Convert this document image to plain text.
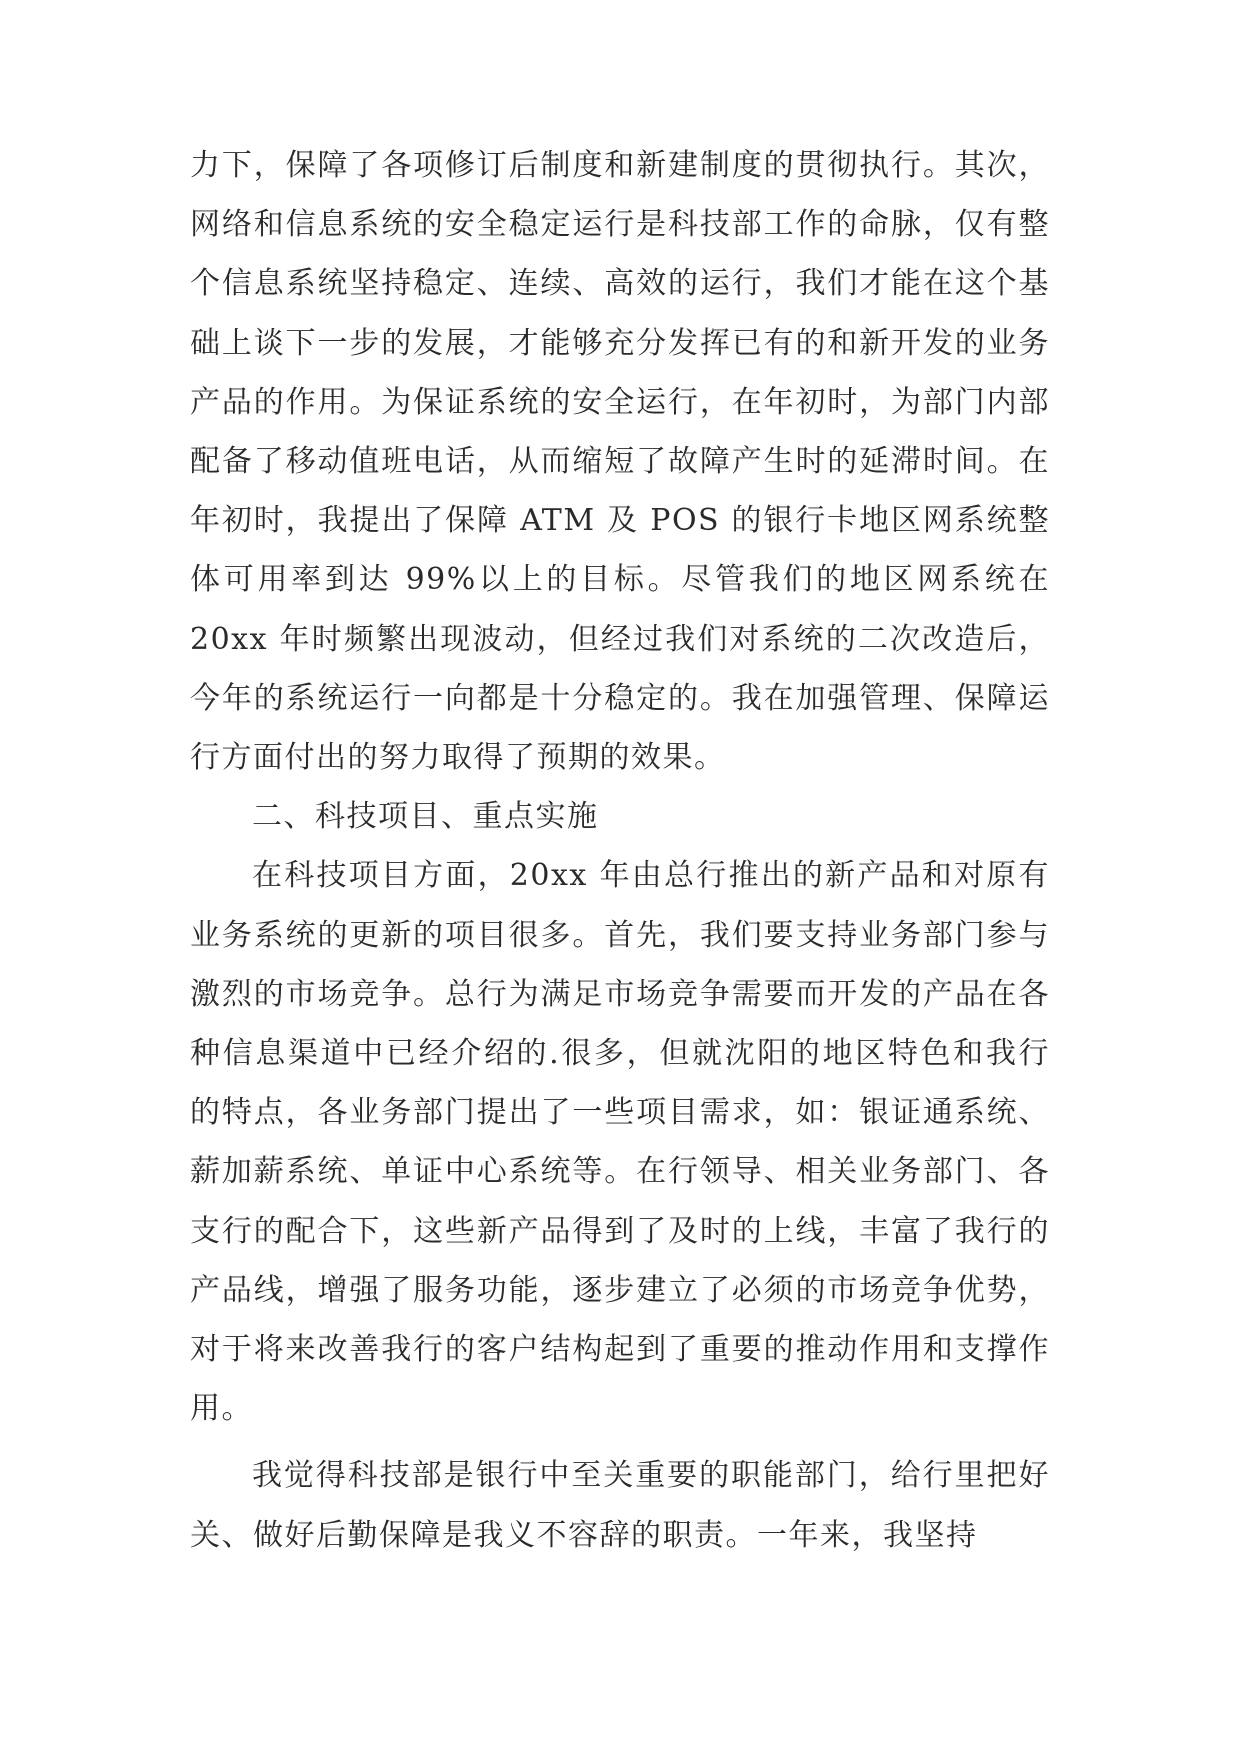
力下，保障了各项修订后制度和新建制度的贯彻执行。其次，网络和信息系统的安全稳定运行是科技部工作的命脉，仅有整个信息系统坚持稳定、连续、高效的运行，我们才能在这个基础上谈下一步的发展，才能够充分发挥已有的和新开发的业务产品的作用。为保证系统的安全运行，在年初时，为部门内部配备了移动值班电话，从而缩短了故障产生时的延滞时间。在年初时，我提出了保障 ATM 及 POS 的银行卡地区网系统整体可用率到达 99%以上的目标。尽管我们的地区网系统在 20xx 年时频繁出现波动，但经过我们对系统的二次改造后，今年的系统运行一向都是十分稳定的。我在加强管理、保障运行方面付出的努力取得了预期的效果。

二、科技项目、重点实施

在科技项目方面，20xx 年由总行推出的新产品和对原有业务系统的更新的项目很多。首先，我们要支持业务部门参与激烈的市场竞争。总行为满足市场竞争需要而开发的产品在各种信息渠道中已经介绍的.很多，但就沈阳的地区特色和我行的特点，各业务部门提出了一些项目需求，如：银证通系统、薪加薪系统、单证中心系统等。在行领导、相关业务部门、各支行的配合下，这些新产品得到了及时的上线，丰富了我行的产品线，增强了服务功能，逐步建立了必须的市场竞争优势，对于将来改善我行的客户结构起到了重要的推动作用和支撑作用。

我觉得科技部是银行中至关重要的职能部门，给行里把好关、做好后勤保障是我义不容辞的职责。一年来，我坚持
